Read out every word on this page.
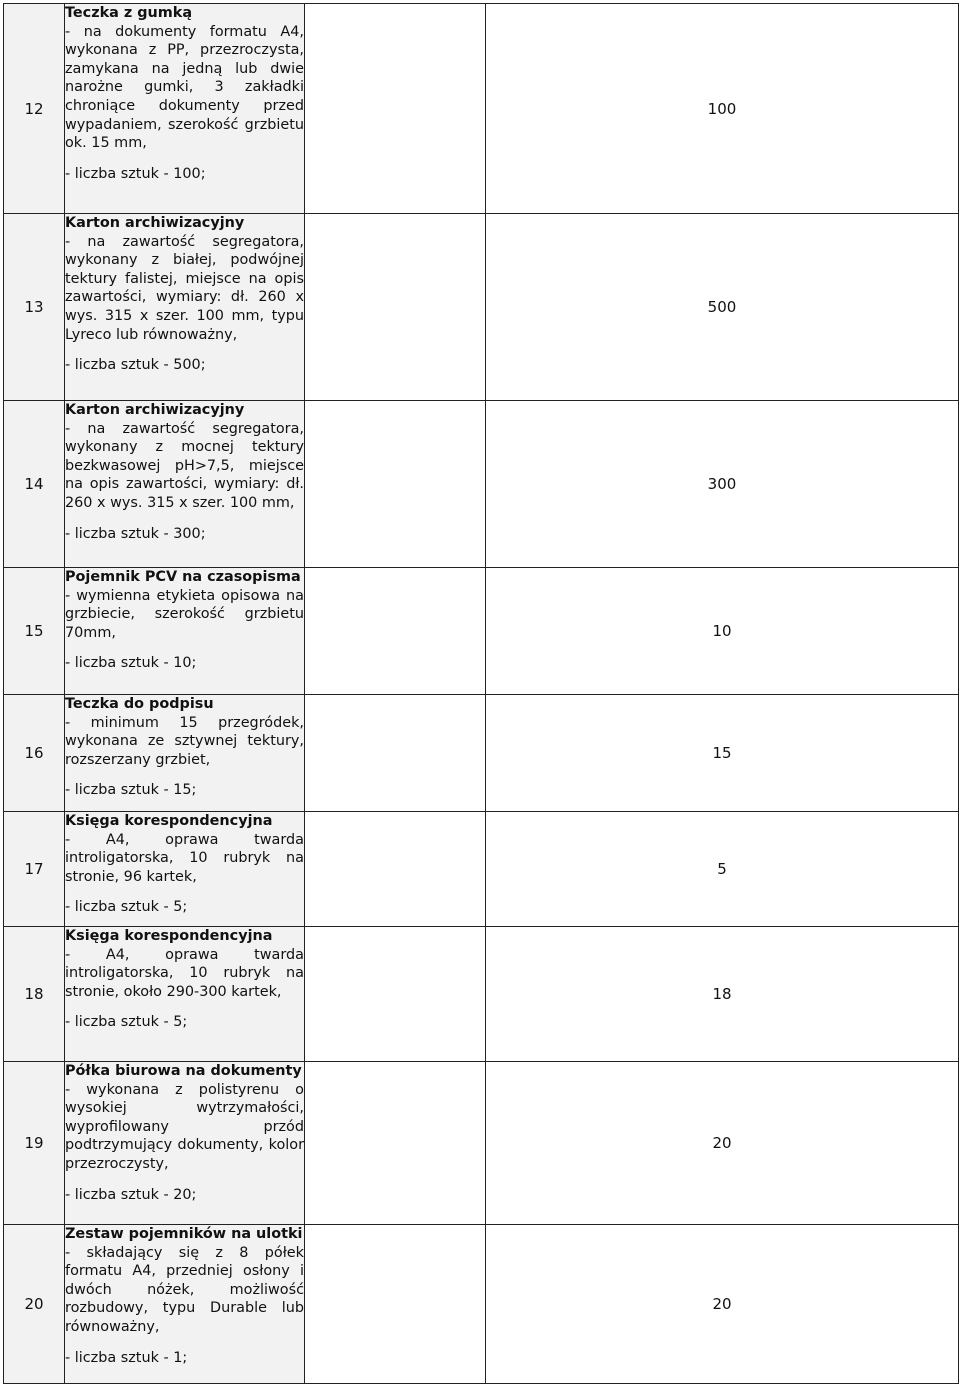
12	Teczka z gumką
- na dokumenty formatu A4, wykonana z PP, przezroczysta, zamykana na jedną lub dwie narożne gumki, 3 zakładki chroniące dokumenty przed wypadaniem, szerokość grzbietu ok. 15 mm,
- liczba sztuk - 100;		100
13	Karton archiwizacyjny
- na zawartość segregatora, wykonany z białej, podwójnej tektury falistej, miejsce na opis zawartości, wymiary: dł. 260 x wys. 315 x szer. 100 mm, typu Lyreco lub równoważny,
- liczba sztuk - 500;		500
14	Karton archiwizacyjny
- na zawartość segregatora, wykonany z mocnej tektury bezkwasowej pH>7,5, miejsce na opis zawartości, wymiary: dł. 260 x wys. 315 x szer. 100 mm,
- liczba sztuk - 300;		300
15	Pojemnik PCV na czasopisma
- wymienna etykieta opisowa na grzbiecie, szerokość grzbietu 70mm,
- liczba sztuk - 10;		10
16	Teczka do podpisu
- minimum 15 przegródek, wykonana ze sztywnej tektury, rozszerzany grzbiet,
- liczba sztuk - 15;		15
17	Księga korespondencyjna
- A4, oprawa twarda introligatorska, 10 rubryk na stronie, 96 kartek,
- liczba sztuk - 5;		5
18	Księga korespondencyjna
- A4, oprawa twarda introligatorska, 10 rubryk na stronie, około 290-300 kartek,
- liczba sztuk - 5;		18
19	Półka biurowa na dokumenty
- wykonana z polistyrenu o wysokiej wytrzymałości, wyprofilowany przód podtrzymujący dokumenty, kolor przezroczysty,
- liczba sztuk - 20;		20
20	Zestaw pojemników na ulotki
- składający się z 8 półek formatu A4, przedniej osłony i dwóch nóżek, możliwość rozbudowy, typu Durable lub równoważny,
- liczba sztuk - 1;		20
